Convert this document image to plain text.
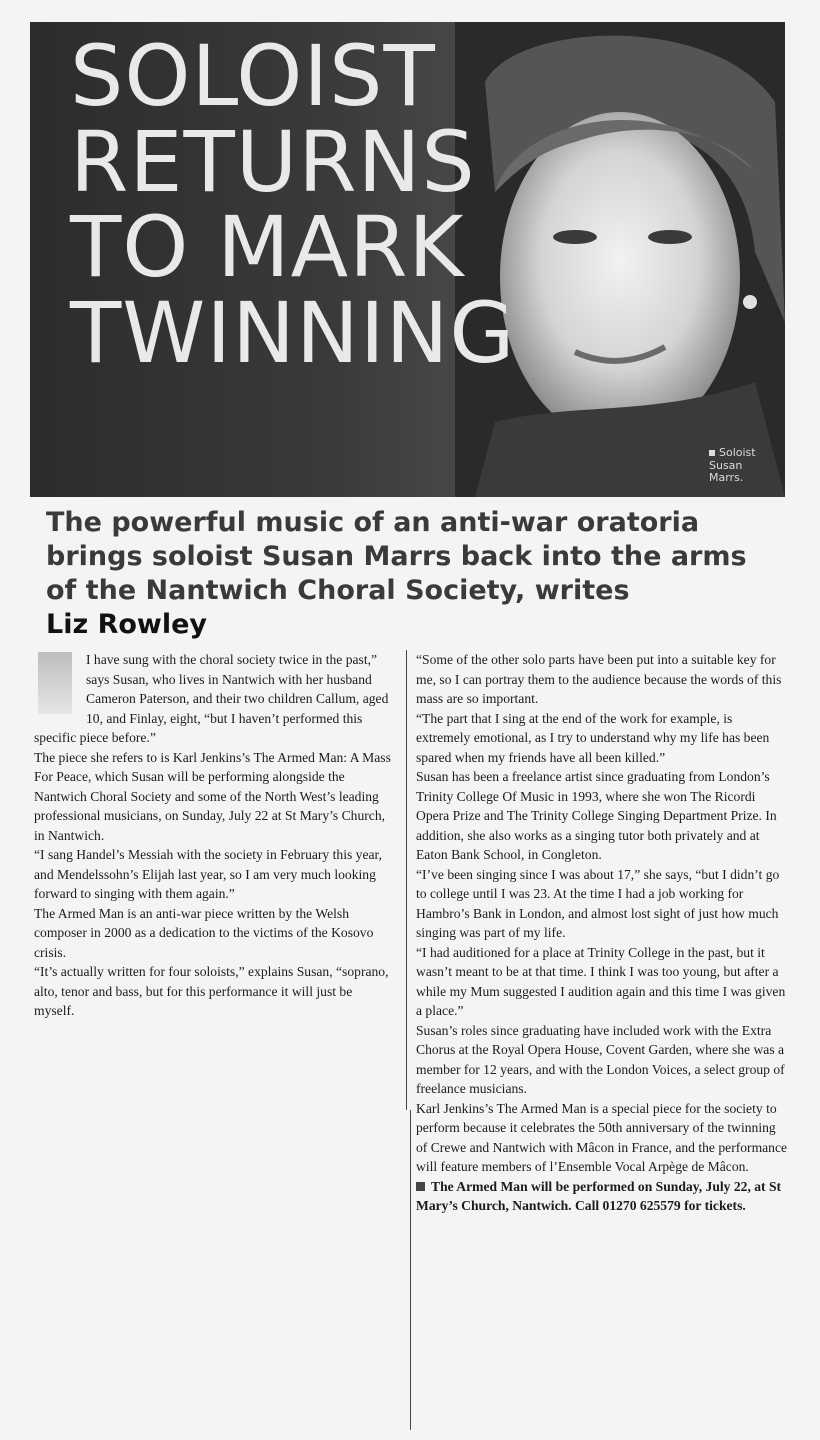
SOLOIST
RETURNS
TO MARK
TWINNING

Soloist
Susan
Marrs.

The powerful music of an anti-war oratoria brings soloist Susan Marrs back into the arms of the Nantwich Choral Society, writes
Liz Rowley

I have sung with the choral society twice in the past,” says Susan, who lives in Nantwich with her husband Cameron Paterson, and their two children Callum, aged 10, and Finlay, eight, “but I haven’t performed this specific piece before.”

The piece she refers to is Karl Jenkins’s The Armed Man: A Mass For Peace, which Susan will be performing alongside the Nantwich Choral Society and some of the North West’s leading professional musicians, on Sunday, July 22 at St Mary’s Church, in Nantwich.

“I sang Handel’s Messiah with the society in February this year, and Mendelssohn’s Elijah last year, so I am very much looking forward to singing with them again.”

The Armed Man is an anti-war piece written by the Welsh composer in 2000 as a dedication to the victims of the Kosovo crisis.

“It’s actually written for four soloists,” explains Susan, “soprano, alto, tenor and bass, but for this performance it will just be myself.

“Some of the other solo parts have been put into a suitable key for me, so I can portray them to the audience because the words of this mass are so important.

“The part that I sing at the end of the work for example, is extremely emotional, as I try to understand why my life has been spared when my friends have all been killed.”

Susan has been a freelance artist since graduating from London’s Trinity College Of Music in 1993, where she won The Ricordi Opera Prize and The Trinity College Singing Department Prize. In addition, she also works as a singing tutor both privately and at Eaton Bank School, in Congleton.

“I’ve been singing since I was about 17,” she says, “but I didn’t go to college until I was 23. At the time I had a job working for Hambro’s Bank in London, and almost lost sight of just how much singing was part of my life.

“I had auditioned for a place at Trinity College in the past, but it wasn’t meant to be at that time. I think I was too young, but after a while my Mum suggested I audition again and this time I was given a place.”

Susan’s roles since graduating have included work with the Extra Chorus at the Royal Opera House, Covent Garden, where she was a member for 12 years, and with the London Voices, a select group of freelance musicians.

Karl Jenkins’s The Armed Man is a special piece for the society to perform because it celebrates the 50th anniversary of the twinning of Crewe and Nantwich with Mâcon in France, and the performance will feature members of l’Ensemble Vocal Arpège de Mâcon.

The Armed Man will be performed on Sunday, July 22, at St Mary’s Church, Nantwich. Call 01270 625579 for tickets.
